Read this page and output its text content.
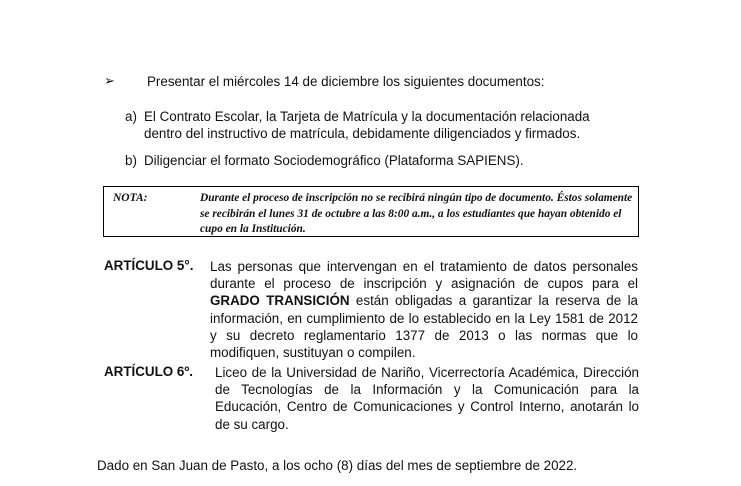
➢ Presentar el miércoles 14 de diciembre los siguientes documentos:
a) El Contrato Escolar, la Tarjeta de Matrícula y la documentación relacionada dentro del instructivo de matrícula, debidamente diligenciados y firmados.
b) Diligenciar el formato Sociodemográfico (Plataforma SAPIENS).
NOTA:	Durante el proceso de inscripción no se recibirá ningún tipo de documento. Éstos solamente se recibirán el lunes 31 de octubre a las 8:00 a.m., a los estudiantes que hayan obtenido el cupo en la Institución.
ARTÍCULO 5°. Las personas que intervengan en el tratamiento de datos personales durante el proceso de inscripción y asignación de cupos para el GRADO TRANSICIÓN están obligadas a garantizar la reserva de la información, en cumplimiento de lo establecido en la Ley 1581 de 2012 y su decreto reglamentario 1377 de 2013 o las normas que lo modifiquen, sustituyan o compilen.
ARTÍCULO 6º. Liceo de la Universidad de Nariño, Vicerrectoría Académica, Dirección de Tecnologías de la Información y la Comunicación para la Educación, Centro de Comunicaciones y Control Interno, anotarán lo de su cargo.
Dado en San Juan de Pasto, a los ocho (8) días del mes de septiembre de 2022.
